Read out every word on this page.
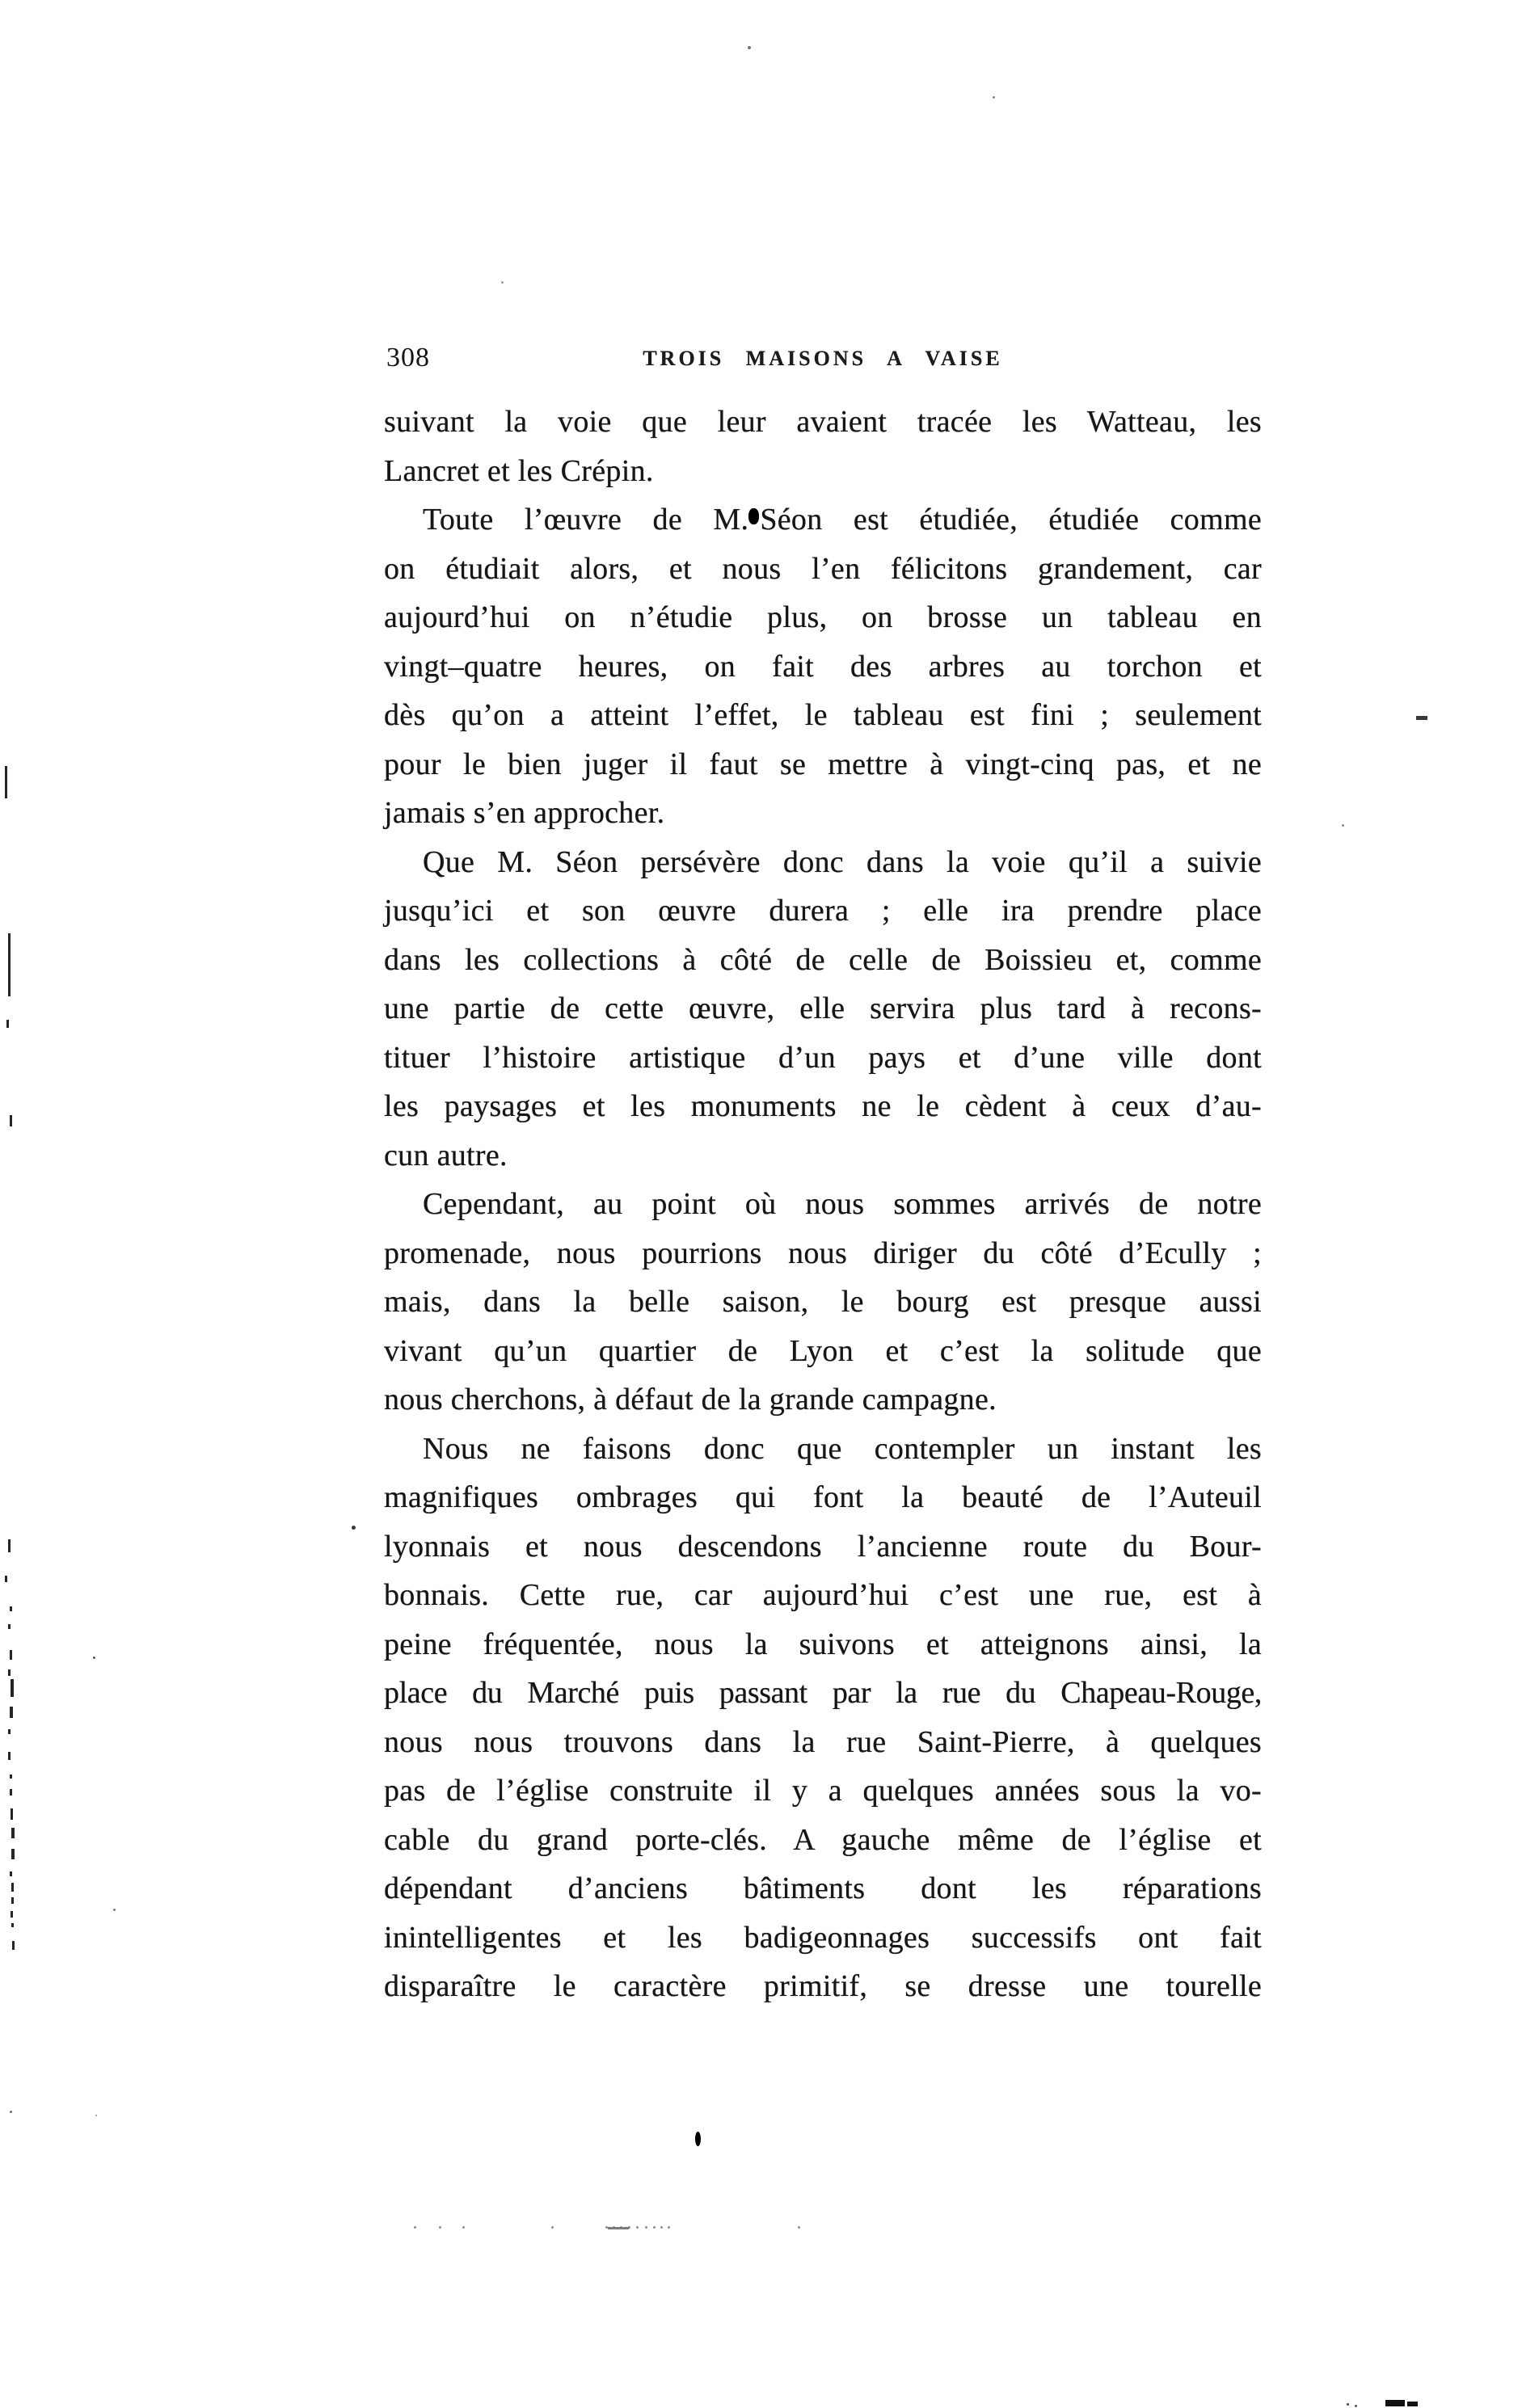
308	TROIS MAISONS A VAISE
suivant la voie que leur avaient tracée les Watteau, les
Lancret et les Crépin.
Toute l’œuvre de M. Séon est étudiée, étudiée comme
on étudiait alors, et nous l’en félicitons grandement, car
aujourd’hui on n’étudie plus, on brosse un tableau en
vingt–quatre heures, on fait des arbres au torchon et
dès qu’on a atteint l’effet, le tableau est fini ; seulement
pour le bien juger il faut se mettre à vingt-cinq pas, et ne
jamais s’en approcher.
Que M. Séon persévère donc dans la voie qu’il a suivie
jusqu’ici et son œuvre durera ; elle ira prendre place
dans les collections à côté de celle de Boissieu et, comme
une partie de cette œuvre, elle servira plus tard à recons-
tituer l’histoire artistique d’un pays et d’une ville dont
les paysages et les monuments ne le cèdent à ceux d’au-
cun autre.
Cependant, au point où nous sommes arrivés de notre
promenade, nous pourrions nous diriger du côté d’Ecully ;
mais, dans la belle saison, le bourg est presque aussi
vivant qu’un quartier de Lyon et c’est la solitude que
nous cherchons, à défaut de la grande campagne.
Nous ne faisons donc que contempler un instant les
magnifiques ombrages qui font la beauté de l’Auteuil
lyonnais et nous descendons l’ancienne route du Bour-
bonnais. Cette rue, car aujourd’hui c’est une rue, est à
peine fréquentée, nous la suivons et atteignons ainsi, la
place du Marché puis passant par la rue du Chapeau-Rouge,
nous nous trouvons dans la rue Saint-Pierre, à quelques
pas de l’église construite il y a quelques années sous la vo-
cable du grand porte-clés. A gauche même de l’église et
dépendant d’anciens bâtiments dont les réparations
inintelligentes et les badigeonnages successifs ont fait
disparaître le caractère primitif, se dresse une tourelle
